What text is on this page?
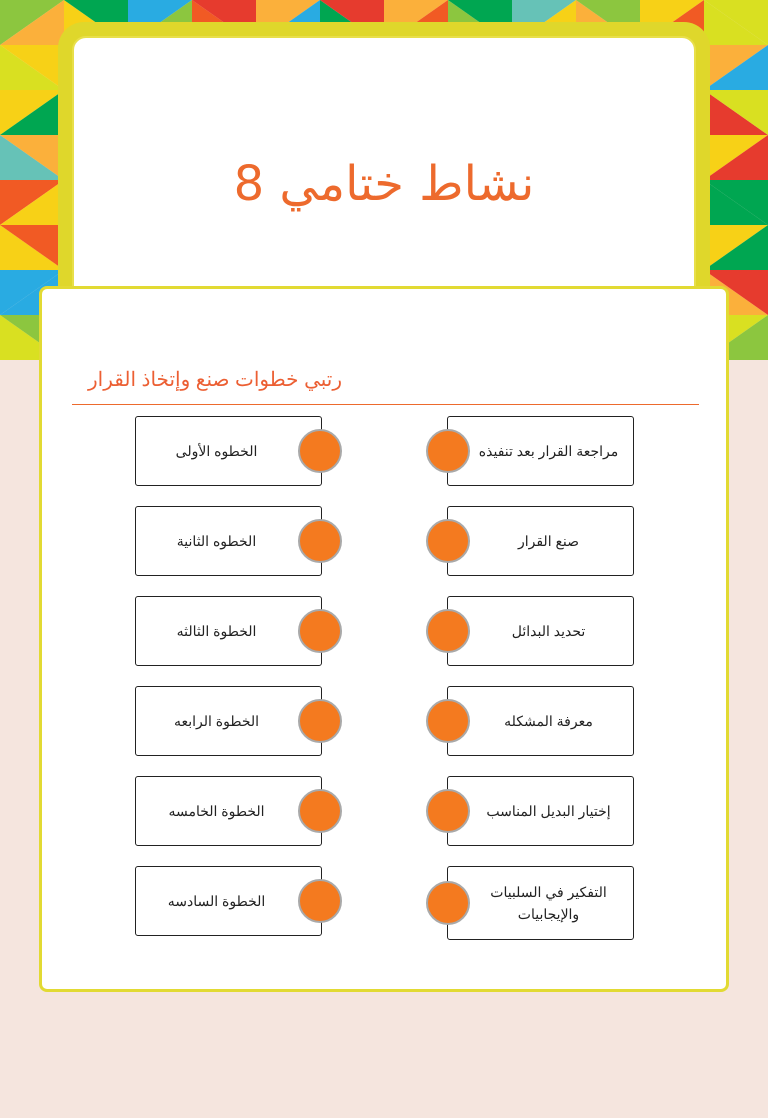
نشاط ختامي 8
رتبي خطوات صنع وإتخاذ القرار
مراجعة القرار بعد تنفيذه
صنع القرار
تحديد البدائل
معرفة المشكله
إختيار البديل المناسب
التفكير في السلبيات والإيجابيات
الخطوه الأولى
الخطوه الثانية
الخطوة الثالثه
الخطوة الرابعه
الخطوة الخامسه
الخطوة السادسه
